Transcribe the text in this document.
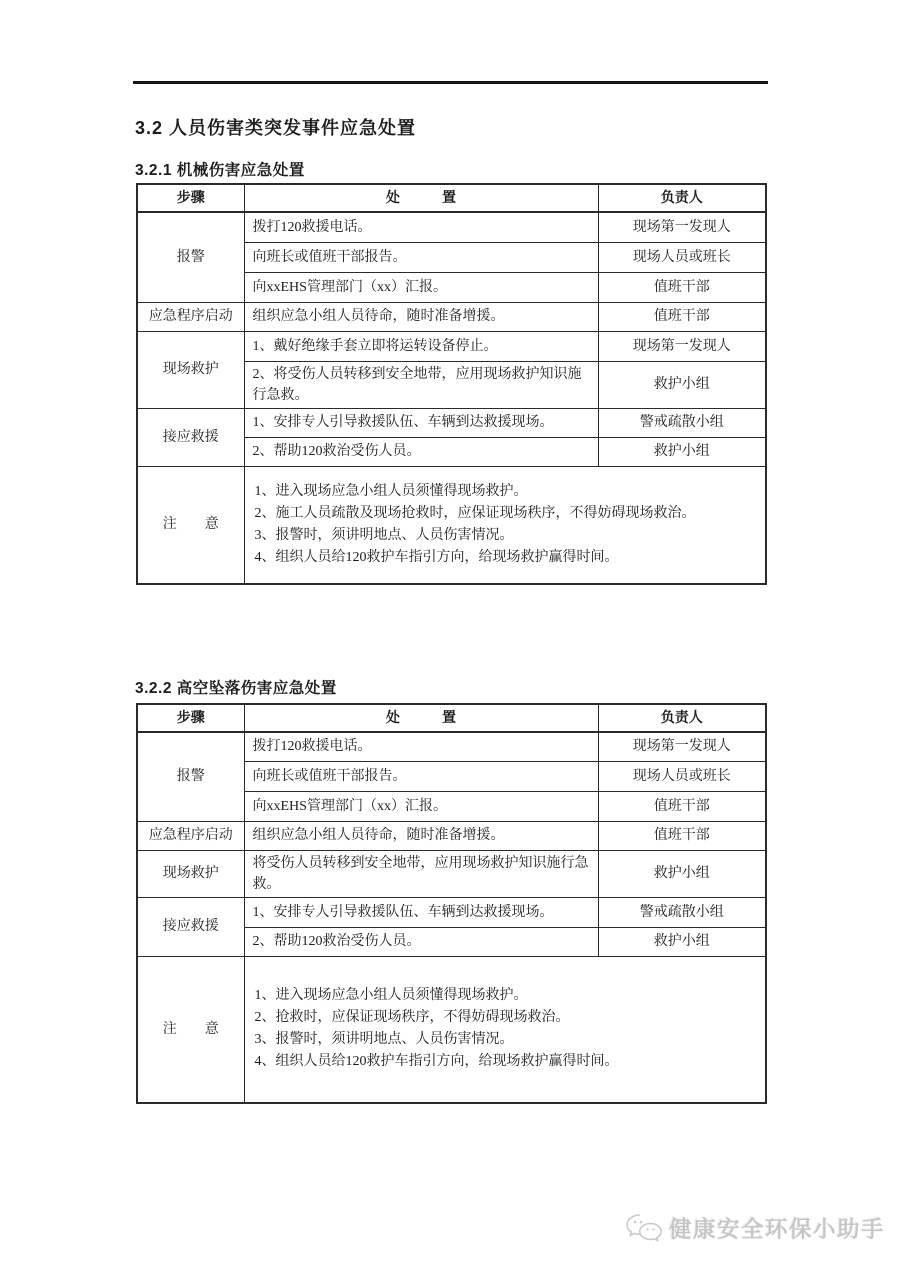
3.2 人员伤害类突发事件应急处置
3.2.1 机械伤害应急处置
步骤	处　　　置	负责人
报警	拨打120救援电话。	现场第一发现人
	向班长或值班干部报告。	现场人员或班长
	向xxEHS管理部门（xx）汇报。	值班干部
应急程序启动	组织应急小组人员待命，随时准备增援。	值班干部
现场救护	1、戴好绝缘手套立即将运转设备停止。	现场第一发现人
	2、将受伤人员转移到安全地带，应用现场救护知识施行急救。	救护小组
接应救援	1、安排专人引导救援队伍、车辆到达救援现场。	警戒疏散小组
	2、帮助120救治受伤人员。	救护小组
注　　意	1、进入现场应急小组人员须懂得现场救护。
2、施工人员疏散及现场抢救时，应保证现场秩序，不得妨碍现场救治。
3、报警时，须讲明地点、人员伤害情况。
4、组织人员给120救护车指引方向，给现场救护赢得时间。	
3.2.2 高空坠落伤害应急处置
步骤	处　　　置	负责人
报警	拨打120救援电话。	现场第一发现人
	向班长或值班干部报告。	现场人员或班长
	向xxEHS管理部门（xx）汇报。	值班干部
应急程序启动	组织应急小组人员待命，随时准备增援。	值班干部
现场救护	将受伤人员转移到安全地带，应用现场救护知识施行急救。	救护小组
接应救援	1、安排专人引导救援队伍、车辆到达救援现场。	警戒疏散小组
	2、帮助120救治受伤人员。	救护小组
注　　意	1、进入现场应急小组人员须懂得现场救护。
2、抢救时，应保证现场秩序，不得妨碍现场救治。
3、报警时，须讲明地点、人员伤害情况。
4、组织人员给120救护车指引方向，给现场救护赢得时间。	
健康安全环保小助手
